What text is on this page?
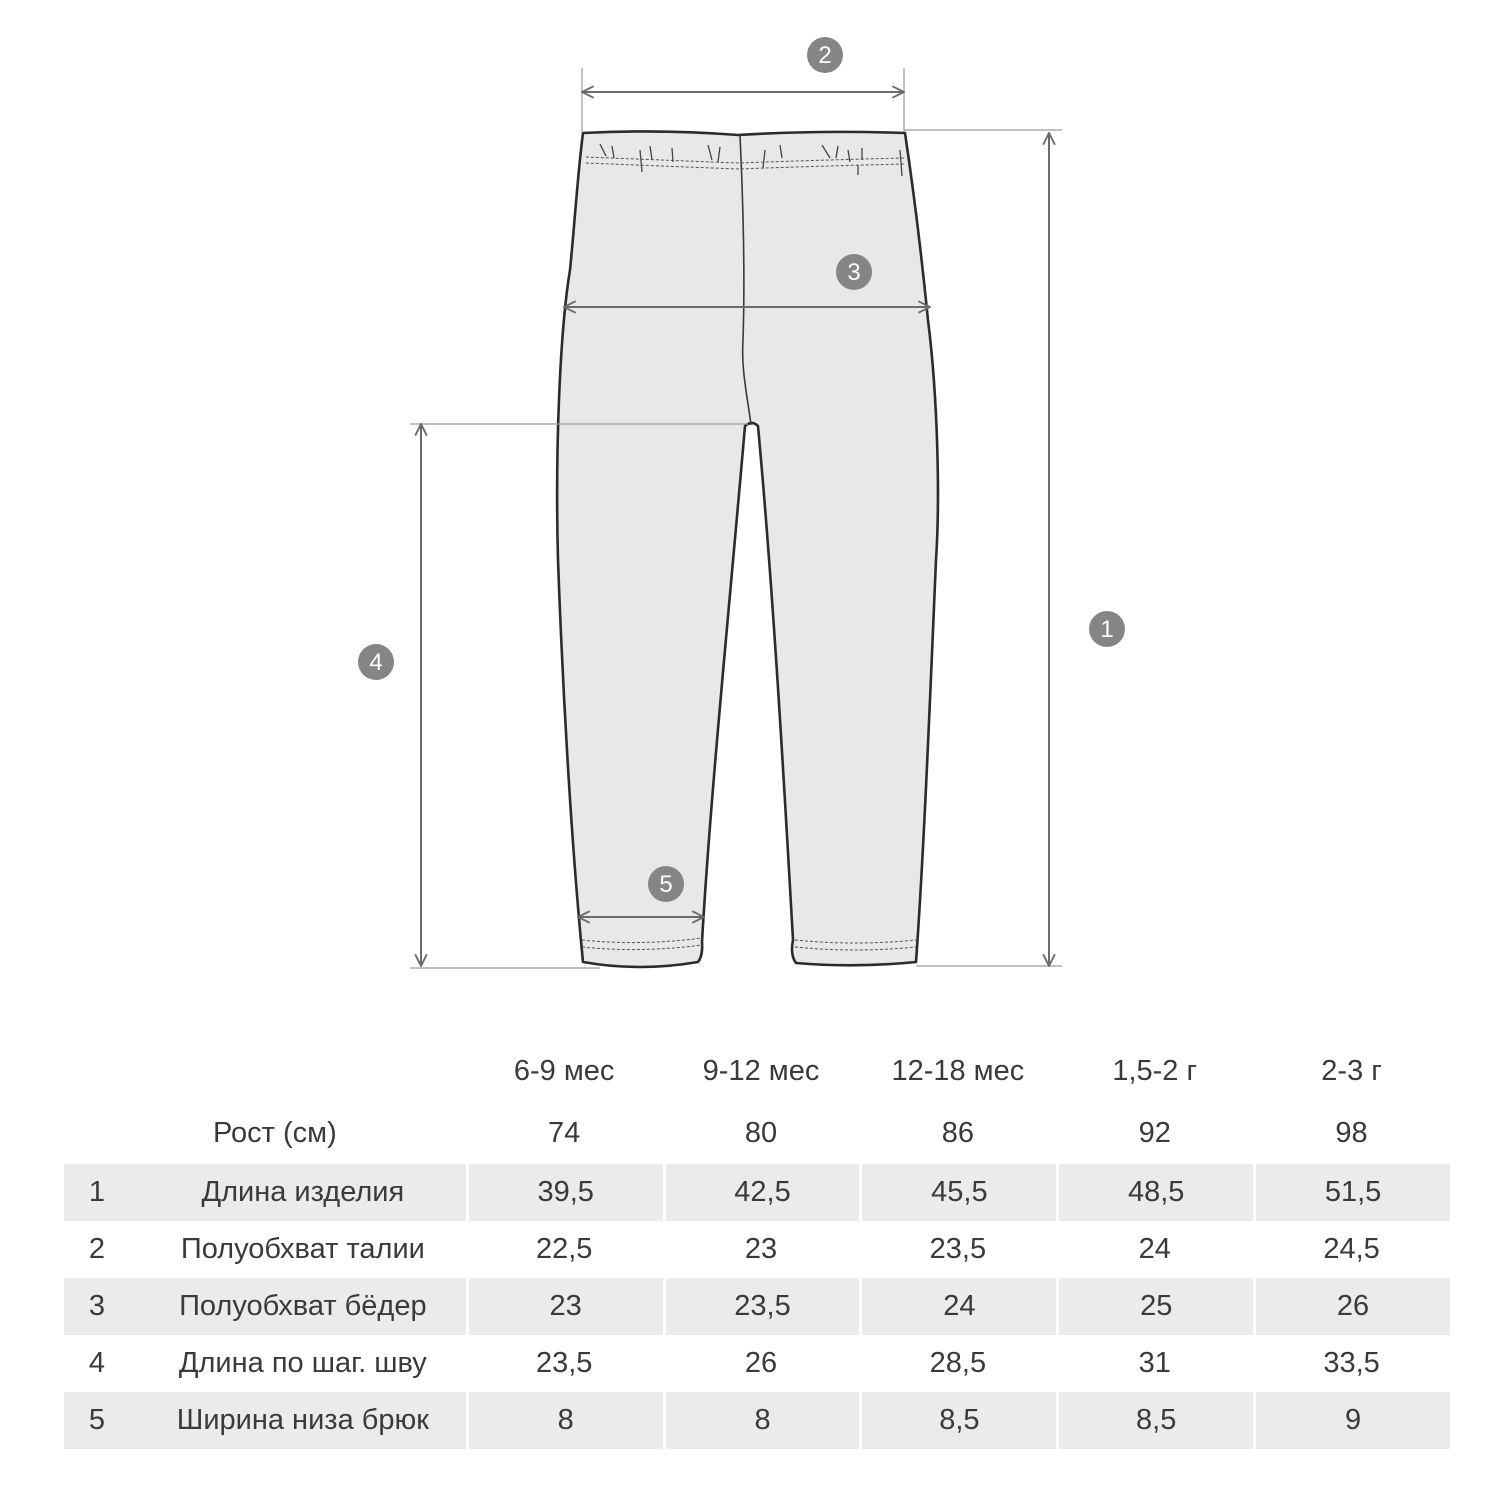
1
2
3
4
5
		6-9 мес	9-12 мес	12-18 мес	1,5-2 г	2-3 г
Рост (см)		74	80	86	92	98
1	Длина изделия	39,5	42,5	45,5	48,5	51,5
2	Полуобхват талии	22,5	23	23,5	24	24,5
3	Полуобхват бёдер	23	23,5	24	25	26
4	Длина по шаг. шву	23,5	26	28,5	31	33,5
5	Ширина низа брюк	8	8	8,5	8,5	9
